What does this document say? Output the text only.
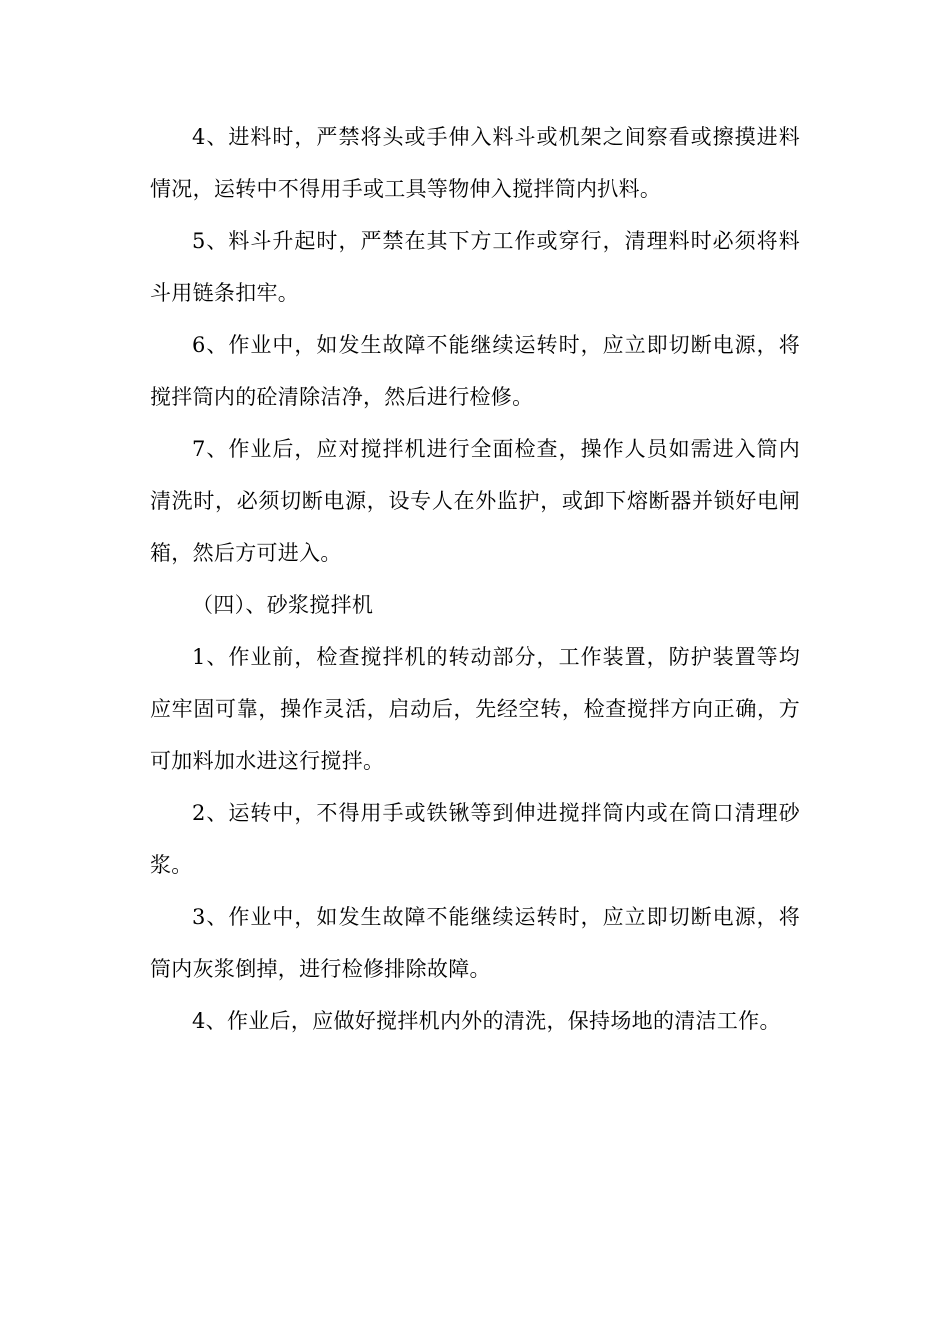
4、进料时，严禁将头或手伸入料斗或机架之间察看或擦摸进料情况，运转中不得用手或工具等物伸入搅拌筒内扒料。

5、料斗升起时，严禁在其下方工作或穿行，清理料时必须将料斗用链条扣牢。

6、作业中，如发生故障不能继续运转时，应立即切断电源，将搅拌筒内的砼清除洁净，然后进行检修。

7、作业后，应对搅拌机进行全面检查，操作人员如需进入筒内清洗时，必须切断电源，设专人在外监护，或卸下熔断器并锁好电闸箱，然后方可进入。

（四）、砂浆搅拌机

1、作业前，检查搅拌机的转动部分，工作装置，防护装置等均应牢固可靠，操作灵活，启动后，先经空转，检查搅拌方向正确，方可加料加水进这行搅拌。

2、运转中，不得用手或铁锹等到伸进搅拌筒内或在筒口清理砂浆。

3、作业中，如发生故障不能继续运转时，应立即切断电源，将筒内灰浆倒掉，进行检修排除故障。

4、作业后，应做好搅拌机内外的清洗，保持场地的清洁工作。
